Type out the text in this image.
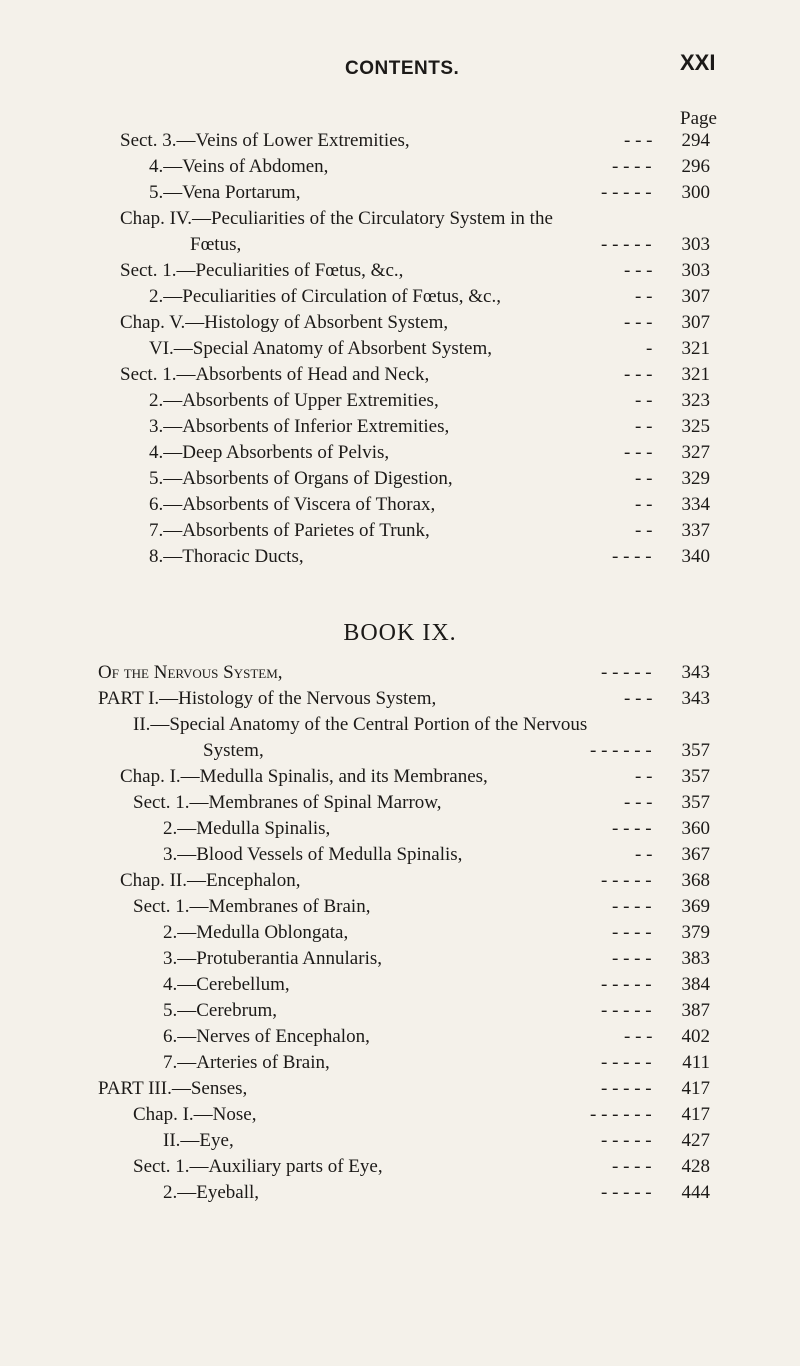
CONTENTS.	XXI
Page
Sect. 3.—Veins of Lower Extremities,	- - - 294
4.—Veins of Abdomen,	- - - - 296
5.—Vena Portarum,	- - - - - 300
Chap. IV.—Peculiarities of the Circulatory System in the
Fœtus,	- - - - - 303
Sect. 1.—Peculiarities of Fœtus, &c.,	- - - 303
2.—Peculiarities of Circulation of Fœtus, &c.,	- - 307
Chap. V.—Histology of Absorbent System,	- - - 307
VI.—Special Anatomy of Absorbent System,	- 321
Sect. 1.—Absorbents of Head and Neck,	- - - 321
2.—Absorbents of Upper Extremities,	- - 323
3.—Absorbents of Inferior Extremities,	- - 325
4.—Deep Absorbents of Pelvis,	- - - 327
5.—Absorbents of Organs of Digestion,	- - 329
6.—Absorbents of Viscera of Thorax,	- - 334
7.—Absorbents of Parietes of Trunk,	- - 337
8.—Thoracic Ducts,	- - - - 340
BOOK IX.
Of the Nervous System,	- - - - - 343
PART I.—Histology of the Nervous System,	- - - 343
II.—Special Anatomy of the Central Portion of the Nervous
System,	- - - - - - 357
Chap. I.—Medulla Spinalis, and its Membranes,	- - 357
Sect. 1.—Membranes of Spinal Marrow,	- - - 357
2.—Medulla Spinalis,	- - - - 360
3.—Blood Vessels of Medulla Spinalis,	- - 367
Chap. II.—Encephalon,	- - - - - 368
Sect. 1.—Membranes of Brain,	- - - - 369
2.—Medulla Oblongata,	- - - - 379
3.—Protuberantia Annularis,	- - - - 383
4.—Cerebellum,	- - - - - 384
5.—Cerebrum,	- - - - - 387
6.—Nerves of Encephalon,	- - - 402
7.—Arteries of Brain,	- - - - - 411
PART III.—Senses,	- - - - - 417
Chap. I.—Nose,	- - - - - - 417
II.—Eye,	- - - - - 427
Sect. 1.—Auxiliary parts of Eye,	- - - - 428
2.—Eyeball,	- - - - - 444
